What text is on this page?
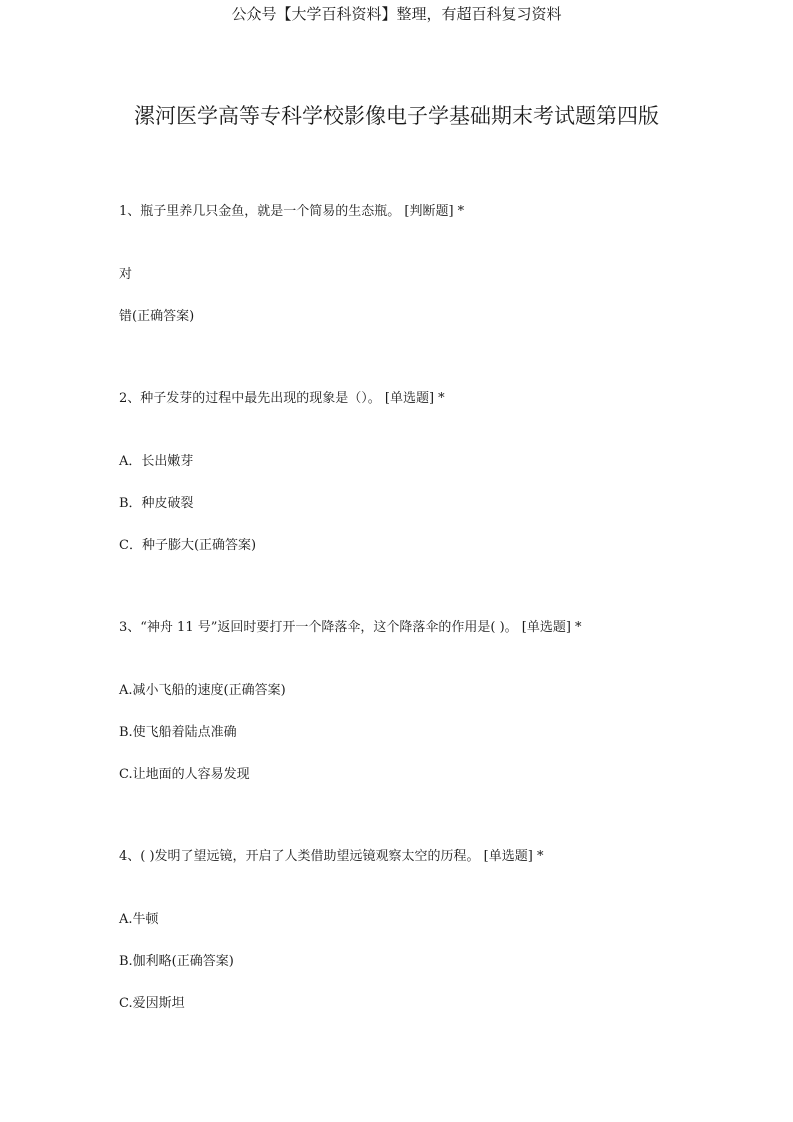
公众号【大学百科资料】整理，有超百科复习资料
漯河医学高等专科学校影像电子学基础期末考试题第四版
1、瓶子里养几只金鱼，就是一个简易的生态瓶。 [判断题] *
对
错(正确答案)
2、种子发芽的过程中最先出现的现象是（）。 [单选题] *
A．长出嫩芽
B．种皮破裂
C．种子膨大(正确答案)
3、“神舟 11 号”返回时要打开一个降落伞，这个降落伞的作用是( )。 [单选题] *
A.减小飞船的速度(正确答案)
B.使飞船着陆点准确
C.让地面的人容易发现
4、( )发明了望远镜，开启了人类借助望远镜观察太空的历程。 [单选题] *
A.牛顿
B.伽利略(正确答案)
C.爱因斯坦
